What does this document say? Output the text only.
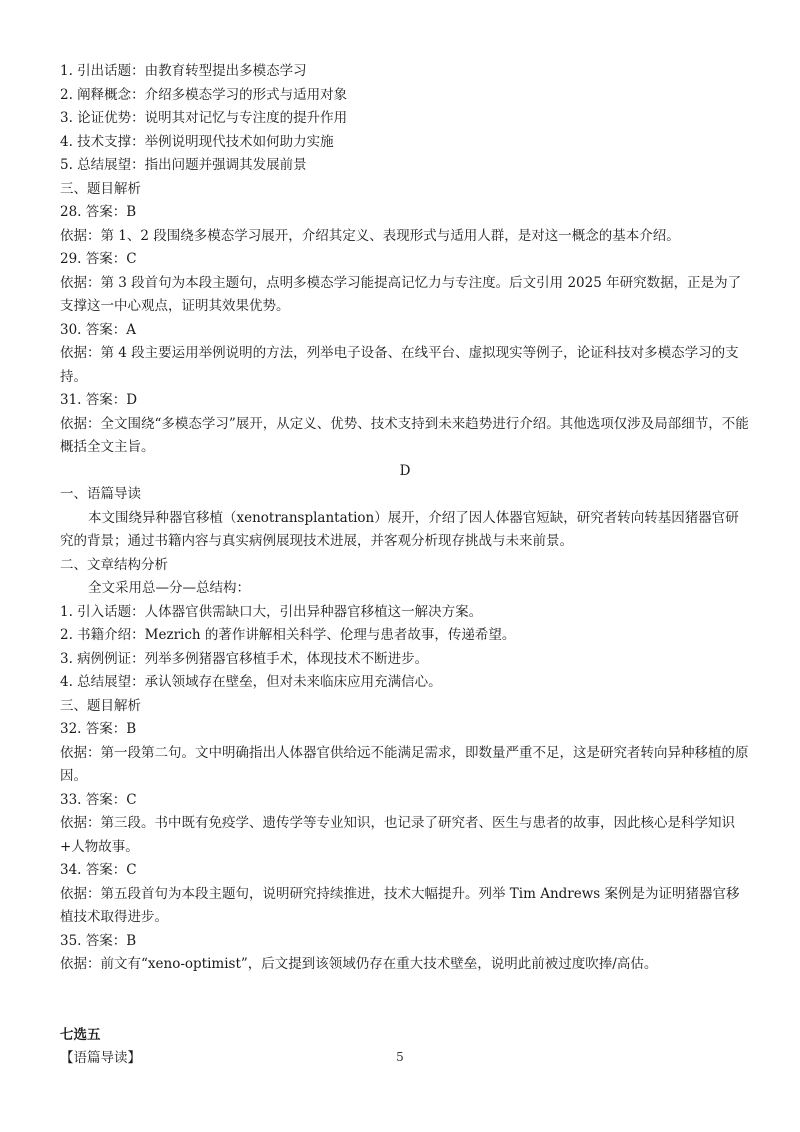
1. 引出话题：由教育转型提出多模态学习
2. 阐释概念：介绍多模态学习的形式与适用对象
3. 论证优势：说明其对记忆与专注度的提升作用
4. 技术支撑：举例说明现代技术如何助力实施
5. 总结展望：指出问题并强调其发展前景
三、题目解析
28. 答案：B
依据：第 1、2 段围绕多模态学习展开，介绍其定义、表现形式与适用人群，是对这一概念的基本介绍。
29. 答案：C
依据：第 3 段首句为本段主题句，点明多模态学习能提高记忆力与专注度。后文引用 2025 年研究数据，正是为了支撑这一中心观点，证明其效果优势。
30. 答案：A
依据：第 4 段主要运用举例说明的方法，列举电子设备、在线平台、虚拟现实等例子，论证科技对多模态学习的支持。
31. 答案：D
依据：全文围绕“多模态学习”展开，从定义、优势、技术支持到未来趋势进行介绍。其他选项仅涉及局部细节，不能概括全文主旨。
D
一、语篇导读
本文围绕异种器官移植（xenotransplantation）展开，介绍了因人体器官短缺，研究者转向转基因猪器官研究的背景；通过书籍内容与真实病例展现技术进展，并客观分析现存挑战与未来前景。
二、文章结构分析
全文采用总—分—总结构：
1. 引入话题：人体器官供需缺口大，引出异种器官移植这一解决方案。
2. 书籍介绍：Mezrich 的著作讲解相关科学、伦理与患者故事，传递希望。
3. 病例例证：列举多例猪器官移植手术，体现技术不断进步。
4. 总结展望：承认领域存在壁垒，但对未来临床应用充满信心。
三、题目解析
32. 答案：B
依据：第一段第二句。文中明确指出人体器官供给远不能满足需求，即数量严重不足，这是研究者转向异种移植的原因。
33. 答案：C
依据：第三段。书中既有免疫学、遗传学等专业知识，也记录了研究者、医生与患者的故事，因此核心是科学知识+人物故事。
34. 答案：C
依据：第五段首句为本段主题句，说明研究持续推进，技术大幅提升。列举 Tim Andrews 案例是为证明猪器官移植技术取得进步。
35. 答案：B
依据：前文有“xeno-optimist”，后文提到该领域仍存在重大技术壁垒，说明此前被过度吹捧/高估。
七选五
【语篇导读】	5
